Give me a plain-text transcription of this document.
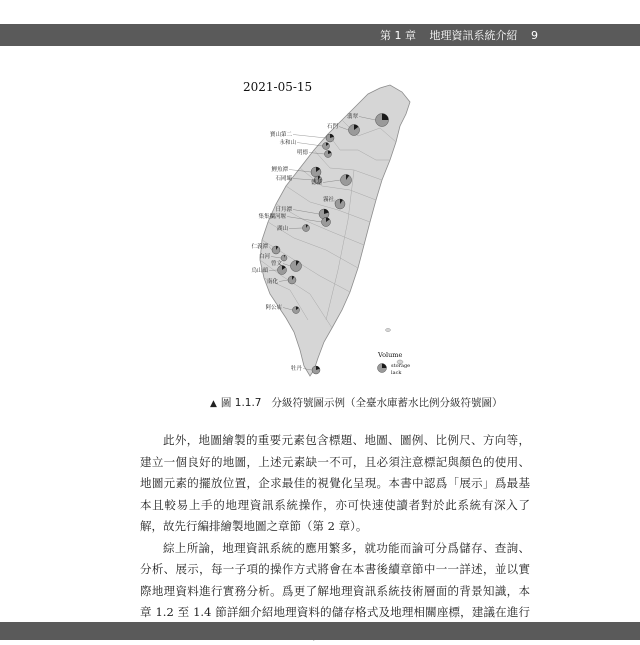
第 1 章 地理資訊系統介紹 9
2021-05-15
翡翠
石門
寶山第二
永和山
明德
鯉魚潭
石岡壩
德基
霧社
日月潭
集集攔河堰
湖山
仁義潭
白河
曾文
烏山頭
南化
阿公店
牡丹
Volume
storage
lack
▲ 圖 1.1.7 分級符號圖示例（全臺水庫蓄水比例分級符號圖）

此外，地圖繪製的重要元素包含標題、地圖、圖例、比例尺、方向等，建立一個良好的地圖，上述元素缺一不可，且必須注意標記與顏色的使用、地圖元素的擺放位置，企求最佳的視覺化呈現。本書中認爲「展示」爲最基本且較易上手的地理資訊系統操作，亦可快速使讀者對於此系統有深入了解，故先行編排繪製地圖之章節（第 2 章）。

綜上所論，地理資訊系統的應用繁多，就功能而論可分爲儲存、查詢、分析、展示，每一子項的操作方式將會在本書後續章節中一一詳述，並以實際地理資料進行實務分析。爲更了解地理資訊系統技術層面的背景知識，本章 1.2 至 1.4 節詳細介紹地理資料的儲存格式及地理相關座標，建議在進行
